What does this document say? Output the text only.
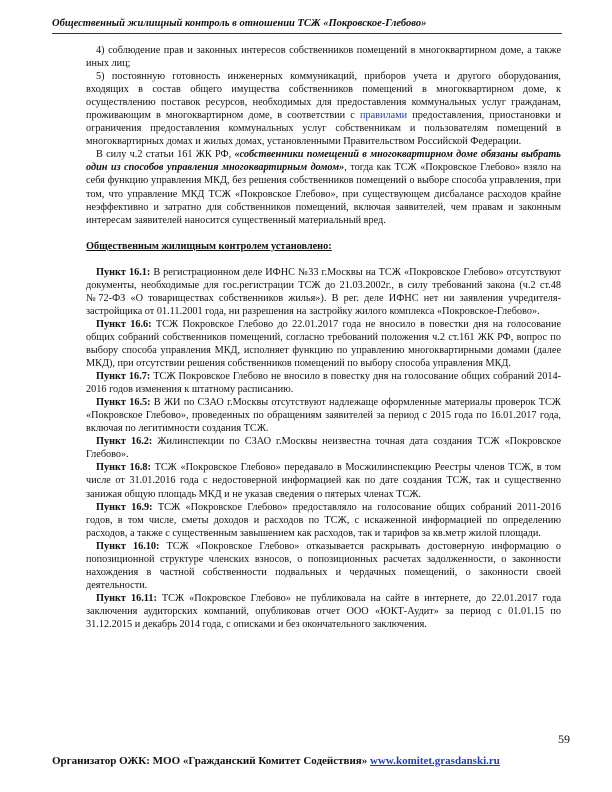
Общественный жилищный контроль в отношении ТСЖ «Покровское-Глебово»

4) соблюдение прав и законных интересов собственников помещений в многоквартирном доме, а также иных лиц;

5) постоянную готовность инженерных коммуникаций, приборов учета и другого оборудования, входящих в состав общего имущества собственников помещений в многоквартирном доме, к осуществлению поставок ресурсов, необходимых для предоставления коммунальных услуг гражданам, проживающим в многоквартирном доме, в соответствии с правилами предоставления, приостановки и ограничения предоставления коммунальных услуг собственникам и пользователям помещений в многоквартирных домах и жилых домах, установленными Правительством Российской Федерации.

В силу ч.2 статьи 161 ЖК РФ, «собственники помещений в многоквартирном доме обязаны выбрать один из способов управления многоквартирным домом», тогда как ТСЖ «Покровское Глебово» взяло на себя функцию управления МКД, без решения собственников помещений о выборе способа управления, при том, что управление МКД ТСЖ «Покровское Глебово», при существующем дисбалансе расходов крайне неэффективно и затратно для собственников помещений, включая заявителей, чем правам и законным интересам заявителей наносится существенный материальный вред.

Общественным жилищным контролем установлено:

Пункт 16.1: В регистрационном деле ИФНС №33 г.Москвы на ТСЖ «Покровское Глебово» отсутствуют документы, необходимые для гос.регистрации ТСЖ до 21.03.2002г., в силу требований закона (ч.2 ст.48 №72-ФЗ «О товариществах собственников жилья»). В рег. деле ИФНС нет ни заявления учредителя-застройщика от 01.11.2001 года, ни разрешения на застройку жилого комплекса «Покровское-Глебово».

Пункт 16.6: ТСЖ Покровское Глебово до 22.01.2017 года не вносило в повестки дня на голосование общих собраний собственников помещений, согласно требований положения ч.2 ст.161 ЖК РФ, вопрос по выбору способа управления МКД, исполняет функцию по управлению многоквартирными домами (далее МКД), при отсутствии решения собственников помещений по выбору способа управления МКД.

Пункт 16.7: ТСЖ Покровское Глебово не вносило в повестку дня на голосование общих собраний 2014-2016 годов изменения к штатному расписанию.

Пункт 16.5: В ЖИ по СЗАО г.Москвы отсутствуют надлежаще оформленные материалы проверок ТСЖ «Покровское Глебово», проведенных по обращениям заявителей за период с 2015 года по 16.01.2017 года, включая по легитимности создания ТСЖ.

Пункт 16.2: Жилинспекции по СЗАО г.Москвы неизвестна точная дата создания ТСЖ «Покровское Глебово».

Пункт 16.8: ТСЖ «Покровское Глебово» передавало в Мосжилинспекцию Реестры членов ТСЖ, в том числе от 31.01.2016 года с недостоверной информацией как по дате создания ТСЖ, так и существенно занижая общую площадь МКД и не указав сведения о пятерых членах ТСЖ.

Пункт 16.9: ТСЖ «Покровское Глебово» предоставляло на голосование общих собраний 2011-2016 годов, в том числе, сметы доходов и расходов по ТСЖ, с искаженной информацией по определению расходов, а также с существенным завышением как расходов, так и тарифов за кв.метр жилой площади.

Пункт 16.10: ТСЖ «Покровское Глебово» отказывается раскрывать достоверную информацию о попозиционной структуре членских взносов, о попозиционных расчетах задолженности, о законности нахождения в частной собственности подвальных и чердачных помещений, о законности своей деятельности.

Пункт 16.11: ТСЖ «Покровское Глебово» не публиковала на сайте в интернете, до 22.01.2017 года заключения аудиторских компаний, опубликовав отчет ООО «ЮКТ-Аудит» за период с 01.01.15 по 31.12.2015 и декабрь 2014 года, с описками и без окончательного заключения.

59
Организатор ОЖК: МОО «Гражданский Комитет Содействия» www.komitet.grasdanski.ru
